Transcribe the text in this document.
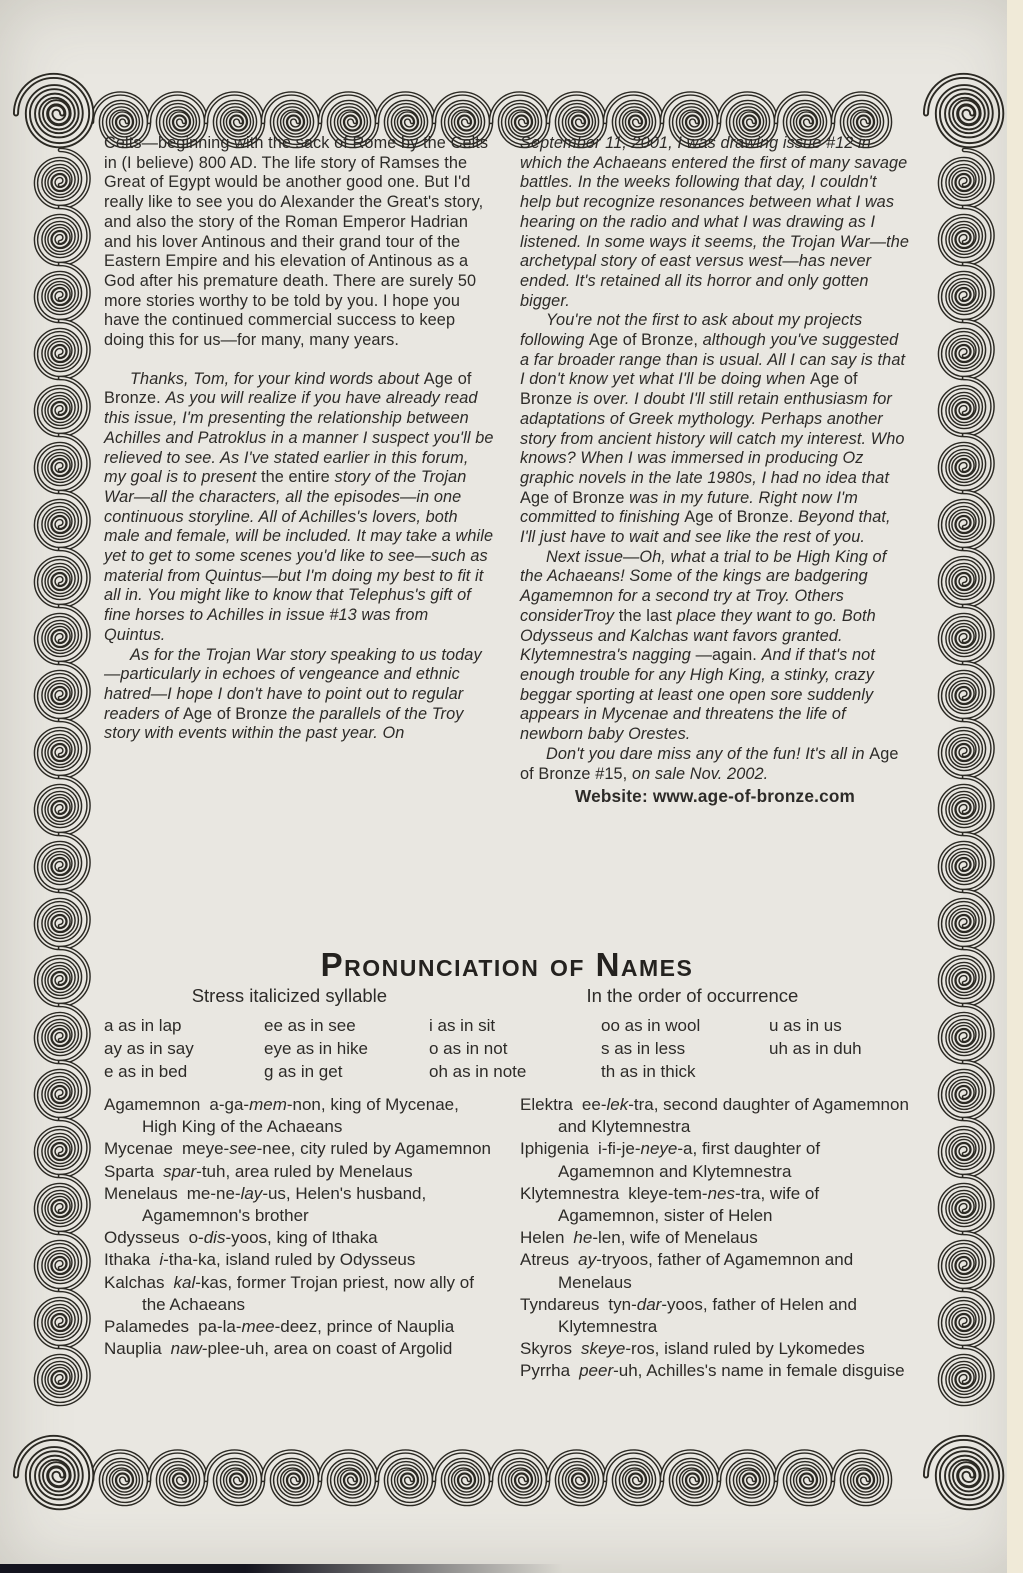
Celts—beginning with the sack of Rome by the Celts in (I believe) 800 AD. The life story of Ramses the Great of Egypt would be another good one. But I'd really like to see you do Alexander the Great's story, and also the story of the Roman Emperor Hadrian and his lover Antinous and their grand tour of the Eastern Empire and his elevation of Antinous as a God after his premature death. There are surely 50 more stories worthy to be told by you. I hope you have the continued commercial success to keep doing this for us—for many, many years.

Thanks, Tom, for your kind words about Age of Bronze. As you will realize if you have already read this issue, I'm presenting the relationship between Achilles and Patroklus in a manner I suspect you'll be relieved to see. As I've stated earlier in this forum, my goal is to present the entire story of the Trojan War—all the characters, all the episodes—in one continuous storyline. All of Achilles's lovers, both male and female, will be included. It may take a while yet to get to some scenes you'd like to see—such as material from Quintus—but I'm doing my best to fit it all in. You might like to know that Telephus's gift of fine horses to Achilles in issue #13 was from Quintus.

As for the Trojan War story speaking to us today—particularly in echoes of vengeance and ethnic hatred—I hope I don't have to point out to regular readers of Age of Bronze the parallels of the Troy story with events within the past year. On

September 11, 2001, I was drawing issue #12 in which the Achaeans entered the first of many savage battles. In the weeks following that day, I couldn't help but recognize resonances between what I was hearing on the radio and what I was drawing as I listened. In some ways it seems, the Trojan War—the archetypal story of east versus west—has never ended. It's retained all its horror and only gotten bigger.

You're not the first to ask about my projects following Age of Bronze, although you've suggested a far broader range than is usual. All I can say is that I don't know yet what I'll be doing when Age of Bronze is over. I doubt I'll still retain enthusiasm for adaptations of Greek mythology. Perhaps another story from ancient history will catch my interest. Who knows? When I was immersed in producing Oz graphic novels in the late 1980s, I had no idea that Age of Bronze was in my future. Right now I'm committed to finishing Age of Bronze. Beyond that, I'll just have to wait and see like the rest of you.

Next issue—Oh, what a trial to be High King of the Achaeans! Some of the kings are badgering Agamemnon for a second try at Troy. Others considerTroy the last place they want to go. Both Odysseus and Kalchas want favors granted. Klytemnestra's nagging —again. And if that's not enough trouble for any High King, a stinky, crazy beggar sporting at least one open sore suddenly appears in Mycenae and threatens the life of newborn baby Orestes.

Don't you dare miss any of the fun! It's all in Age of Bronze #15, on sale Nov. 2002.

Website: www.age-of-bronze.com

Pronunciation of Names
Stress italicized syllable	In the order of occurrence
a as in lap
ay as in say
e as in bed
ee as in see
eye as in hike
g as in get
i as in sit
o as in not
oh as in note
oo as in wool
s as in less
th as in thick
u as in us
uh as in duh
Agamemnon a-ga-mem-non, king of Mycenae, High King of the Achaeans
Mycenae meye-see-nee, city ruled by Agamemnon
Sparta spar-tuh, area ruled by Menelaus
Menelaus me-ne-lay-us, Helen's husband, Agamemnon's brother
Odysseus o-dis-yoos, king of Ithaka
Ithaka i-tha-ka, island ruled by Odysseus
Kalchas kal-kas, former Trojan priest, now ally of the Achaeans
Palamedes pa-la-mee-deez, prince of Nauplia
Nauplia naw-plee-uh, area on coast of Argolid
Elektra ee-lek-tra, second daughter of Agamemnon and Klytemnestra
Iphigenia i-fi-je-neye-a, first daughter of Agamemnon and Klytemnestra
Klytemnestra kleye-tem-nes-tra, wife of Agamemnon, sister of Helen
Helen he-len, wife of Menelaus
Atreus ay-tryoos, father of Agamemnon and Menelaus
Tyndareus tyn-dar-yoos, father of Helen and Klytemnestra
Skyros skeye-ros, island ruled by Lykomedes
Pyrrha peer-uh, Achilles's name in female disguise
